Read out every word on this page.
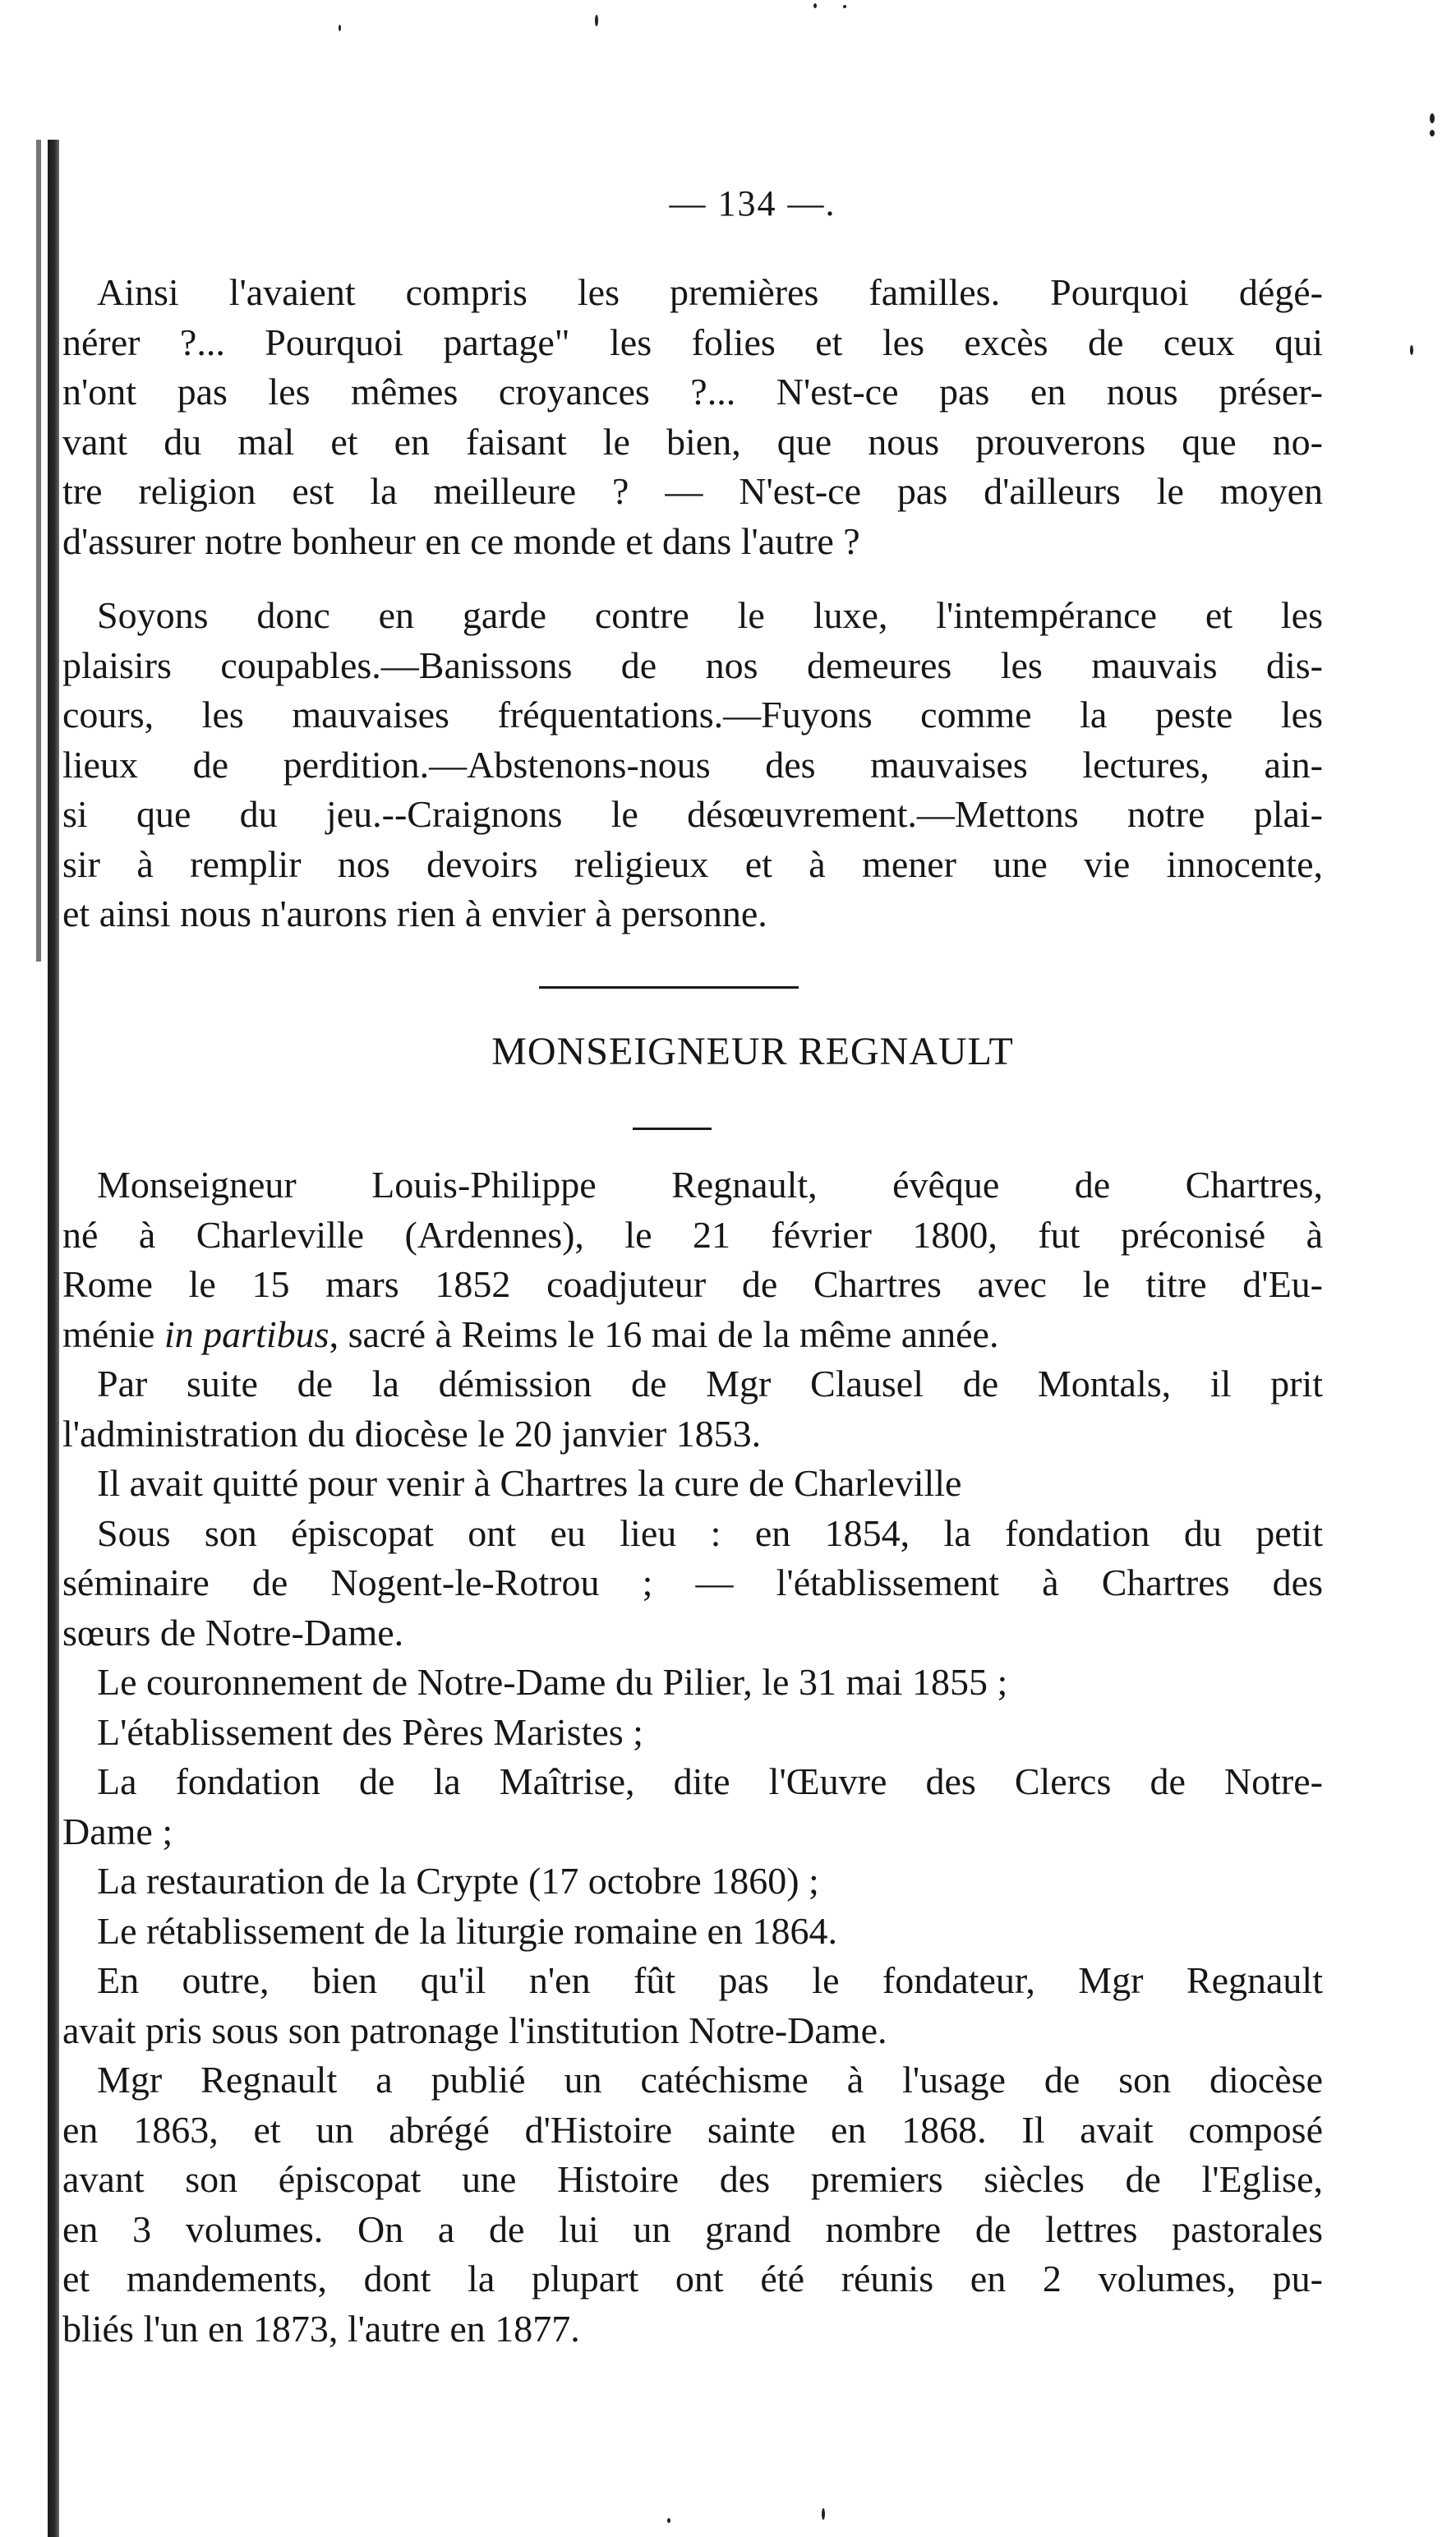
— 134 —.
Ainsi l'avaient compris les premières familles. Pourquoi dégé-
nérer ?... Pourquoi partage" les folies et les excès de ceux qui
n'ont pas les mêmes croyances ?... N'est-ce pas en nous préser-
vant du mal et en faisant le bien, que nous prouverons que no-
tre religion est la meilleure ? — N'est-ce pas d'ailleurs le moyen
d'assurer notre bonheur en ce monde et dans l'autre ?
Soyons donc en garde contre le luxe, l'intempérance et les
plaisirs coupables.—Banissons de nos demeures les mauvais dis-
cours, les mauvaises fréquentations.—Fuyons comme la peste les
lieux de perdition.—Abstenons-nous des mauvaises lectures, ain-
si que du jeu.--Craignons le désœuvrement.—Mettons notre plai-
sir à remplir nos devoirs religieux et à mener une vie innocente,
et ainsi nous n'aurons rien à envier à personne.
MONSEIGNEUR REGNAULT
Monseigneur Louis-Philippe Regnault, évêque de Chartres,
né à Charleville (Ardennes), le 21 février 1800, fut préconisé à
Rome le 15 mars 1852 coadjuteur de Chartres avec le titre d'Eu-
ménie in partibus, sacré à Reims le 16 mai de la même année.
Par suite de la démission de Mgr Clausel de Montals, il prit
l'administration du diocèse le 20 janvier 1853.
Il avait quitté pour venir à Chartres la cure de Charleville
Sous son épiscopat ont eu lieu : en 1854, la fondation du petit
séminaire de Nogent-le-Rotrou ; — l'établissement à Chartres des
sœurs de Notre-Dame.
Le couronnement de Notre-Dame du Pilier, le 31 mai 1855 ;
L'établissement des Pères Maristes ;
La fondation de la Maîtrise, dite l'Œuvre des Clercs de Notre-
Dame ;
La restauration de la Crypte (17 octobre 1860) ;
Le rétablissement de la liturgie romaine en 1864.
En outre, bien qu'il n'en fût pas le fondateur, Mgr Regnault
avait pris sous son patronage l'institution Notre-Dame.
Mgr Regnault a publié un catéchisme à l'usage de son diocèse
en 1863, et un abrégé d'Histoire sainte en 1868. Il avait composé
avant son épiscopat une Histoire des premiers siècles de l'Eglise,
en 3 volumes. On a de lui un grand nombre de lettres pastorales
et mandements, dont la plupart ont été réunis en 2 volumes, pu-
bliés l'un en 1873, l'autre en 1877.
